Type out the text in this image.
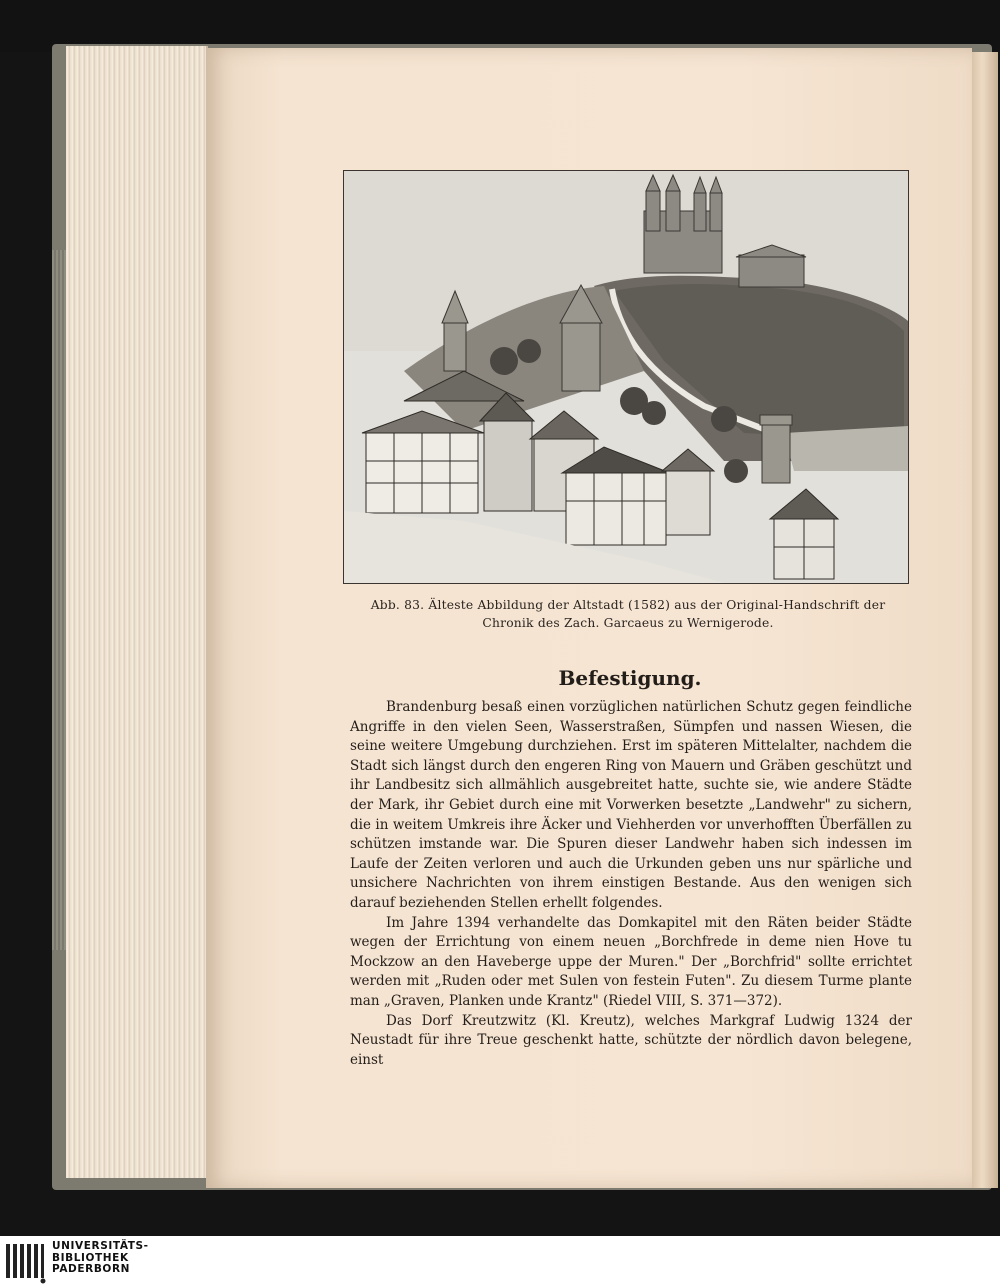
Abb. 83. Älteste Abbildung der Altstadt (1582) aus der Original-Handschrift der Chronik des Zach. Garcaeus zu Wernigerode.
Befestigung.

Brandenburg besaß einen vorzüglichen natürlichen Schutz gegen feindliche Angriffe in den vielen Seen, Wasserstraßen, Sümpfen und nassen Wiesen, die seine weitere Umgebung durchziehen. Erst im späteren Mittelalter, nachdem die Stadt sich längst durch den engeren Ring von Mauern und Gräben geschützt und ihr Landbesitz sich allmählich ausgebreitet hatte, suchte sie, wie andere Städte der Mark, ihr Gebiet durch eine mit Vorwerken besetzte „Landwehr" zu sichern, die in weitem Umkreis ihre Äcker und Viehherden vor unverhofften Überfällen zu schützen imstande war. Die Spuren dieser Landwehr haben sich indessen im Laufe der Zeiten verloren und auch die Urkunden geben uns nur spärliche und unsichere Nachrichten von ihrem einstigen Bestande. Aus den wenigen sich darauf beziehenden Stellen erhellt folgendes.

Im Jahre 1394 verhandelte das Domkapitel mit den Räten beider Städte wegen der Errichtung von einem neuen „Borchfrede in deme nien Hove tu Mockzow an den Haveberge uppe der Muren." Der „Borchfrid" sollte errichtet werden mit „Ruden oder met Sulen von festein Futen". Zu diesem Turme plante man „Graven, Planken unde Krantz" (Riedel VIII, S. 371—372).

Das Dorf Kreutzwitz (Kl. Kreutz), welches Markgraf Ludwig 1324 der Neustadt für ihre Treue geschenkt hatte, schützte der nördlich davon belegene, einst

UNIVERSITÄTS-
BIBLIOTHEK
PADERBORN
